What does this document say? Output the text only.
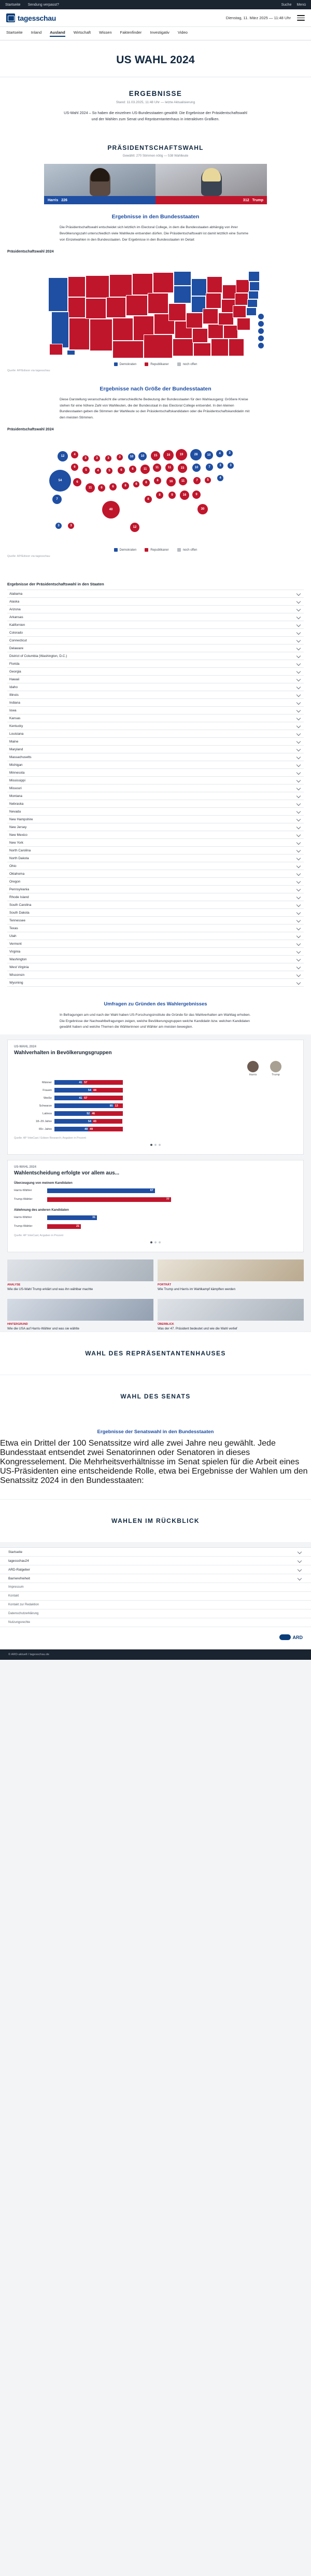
Startseite Sendung verpasst?	Suche Menü
tagesschau	Dienstag, 11. März 2025 — 11:48 Uhr
Startseite Inland Ausland Wirtschaft Wissen Faktenfinder Investigativ Video
US WAHL 2024
ERGEBNISSE
Stand: 11.03.2025, 11:48 Uhr — letzte Aktualisierung

US-Wahl 2024 – So haben die einzelnen US-Bundesstaaten gewählt: Die Ergebnisse der Präsidentschaftswahl und der Wahlen zum Senat und Repräsentantenhaus in interaktiven Grafiken.

PRÄSIDENTSCHAFTSWAHL
Gewählt: 270 Stimmen nötig — 538 Wahlleute
Harris 226	312 Trump
Ergebnisse in den Bundesstaaten

Die Präsidentschaftswahl entscheidet sich letztlich im Electoral College, in dem die Bundesstaaten abhängig von ihrer Bevölkerungszahl unterschiedlich viele Wahlleute entsenden dürfen. Die Präsidentschaftswahl ist damit letztlich eine Summe von Einzelwahlen in den Bundesstaaten. Der Ergebnisse in den Bundesstaaten im Detail:

Präsidentschaftswahl 2024
Demokraten	Republikaner	noch offen
Quelle: AP/Edison via tagesschau
Ergebnisse nach Größe der Bundesstaaten

Diese Darstellung veranschaulicht die unterschiedliche Bedeutung der Bundesstaaten für den Wahlausgang: Größere Kreise stehen für eine höhere Zahl von Wahlleuten, die der Bundesstaat in das Electoral College entsendet. In den kleinen Bundesstaaten geben die Stimmen der Wahlleute so den Präsidentschaftskandidaten oder die Präsidentschaftskandidatin mit den meisten Stimmen.

Präsidentschaftswahl 2024
54
12	4
6
7
6
3
5
11
3
4
6
40
3
5
6
3
6
8
10
6
6
10
11
8
8
15
11
8
8
16
11
16
9
19
15
11
16
28
10
7
9
30
10
7
5
4
3
4
3
3
12
3	3
Demokraten	Republikaner	noch offen
Quelle: AP/Edison via tagesschau
Ergebnisse der Präsidentschaftswahl in den Staaten
Alabama
Alaska
Arizona
Arkansas
Kalifornien
Colorado
Connecticut
Delaware
District of Columbia (Washington, D.C.)
Florida
Georgia
Hawaii
Idaho
Illinois
Indiana
Iowa
Kansas
Kentucky
Louisiana
Maine
Maryland
Massachusetts
Michigan
Minnesota
Mississippi
Missouri
Montana
Nebraska
Nevada
New Hampshire
New Jersey
New Mexico
New York
North Carolina
North Dakota
Ohio
Oklahoma
Oregon
Pennsylvania
Rhode Island
South Carolina
South Dakota
Tennessee
Texas
Utah
Vermont
Virginia
Washington
West Virginia
Wisconsin
Wyoming
Umfragen zu Gründen des Wahlergebnisses

In Befragungen am und nach der Wahl haben US-Forschungsinstitute die Gründe für das Wahlverhalten am Wahltag erhoben. Die Ergebnisse der Nachwahlbefragungen zeigen, welche Bevölkerungsgruppen welche Kandidatin bzw. welchen Kandidaten gewählt haben und welche Themen die Wählerinnen und Wähler am meisten bewegten.

US-WAHL 2024
Wahlverhalten in Bevölkerungsgruppen
Harris	Trump
Männer	41 57
Frauen	54 44
Weiße	41 57
Schwarze	85 13
Latinos	52 46
18–29 Jahre	54 43
65+ Jahre	49 49
Quelle: AP VoteCast / Edison Research; Angaben in Prozent
US-WAHL 2024
Wahlentscheidung erfolgte vor allem aus...
Überzeugung von meinem Kandidaten
Harris-Wähler	67
Trump-Wähler	77
Ablehnung des anderen Kandidaten
Harris-Wähler	31
Trump-Wähler	21
Quelle: AP VoteCast; Angaben in Prozent
ANALYSE
Wie die US-Wahl Trump erklärt und was ihn wählbar machte
PORTRÄT
Wie Trump und Harris im Wahlkampf kämpften werden
HINTERGRUND
Wie die USA auf Harris-Wähler und was sie wählte
ÜBERBLICK
Was der 47. Präsident bedeutet und wie die Wahl verlief
WAHL DES REPRÄSENTANTENHAUSES
WAHL DES SENATS
Ergebnisse der Senatswahl in den Bundesstaaten

Etwa ein Drittel der 100 Senatssitze wird alle zwei Jahre neu gewählt. Jede Bundesstaat entsendet zwei Senatorinnen oder Senatoren in dieses Kongresselement. Die Mehrheitsverhältnisse im Senat spielen für die Arbeit eines US-Präsidenten eine entscheidende Rolle, etwa bei Ergebnisse der Wahlen um den Senatssitz 2024 in den Bundesstaaten:

WAHLEN IM RÜCKBLICK
Startseite
tagesschau24
ARD-Ratgeber
Barrierefreiheit
Impressum
Kontakt
Kontakt zur Redaktion
Datenschutzerklärung
Nutzungsrechte
ARD
© ARD-aktuell / tagesschau.de
